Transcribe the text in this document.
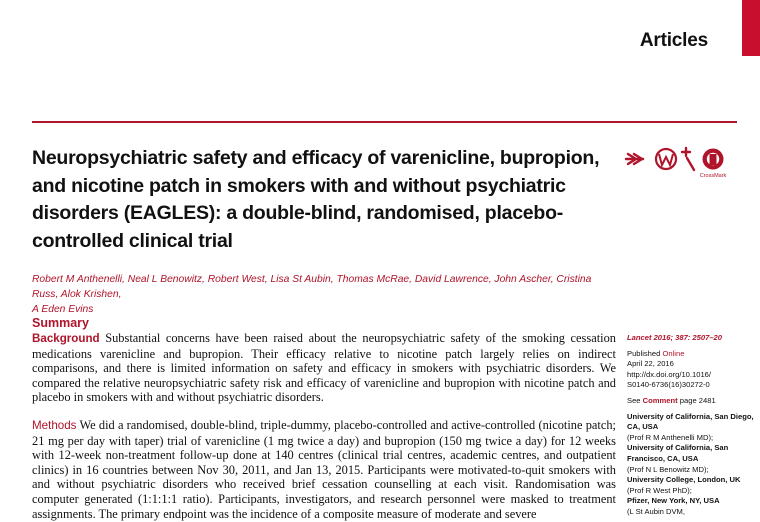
Articles
Neuropsychiatric safety and efficacy of varenicline, bupropion, and nicotine patch in smokers with and without psychiatric disorders (EAGLES): a double-blind, randomised, placebo-controlled clinical trial
CrossMark
Robert M Anthenelli, Neal L Benowitz, Robert West, Lisa St Aubin, Thomas McRae, David Lawrence, John Ascher, Cristina Russ, Alok Krishen,
A Eden Evins
Summary
Background Substantial concerns have been raised about the neuropsychiatric safety of the smoking cessation medications varenicline and bupropion. Their efficacy relative to nicotine patch largely relies on indirect comparisons, and there is limited information on safety and efficacy in smokers with psychiatric disorders. We compared the relative neuropsychiatric safety risk and efficacy of varenicline and bupropion with nicotine patch and placebo in smokers with and without psychiatric disorders.
Methods We did a randomised, double-blind, triple-dummy, placebo-controlled and active-controlled (nicotine patch; 21 mg per day with taper) trial of varenicline (1 mg twice a day) and bupropion (150 mg twice a day) for 12 weeks with 12-week non-treatment follow-up done at 140 centres (clinical trial centres, academic centres, and outpatient clinics) in 16 countries between Nov 30, 2011, and Jan 13, 2015. Participants were motivated-to-quit smokers with and without psychiatric disorders who received brief cessation counselling at each visit. Randomisation was computer generated (1:1:1:1 ratio). Participants, investigators, and research personnel were masked to treatment assignments. The primary endpoint was the incidence of a composite measure of moderate and severe
Lancet 2016; 387: 2507–20
Published Online
April 22, 2016
http://dx.doi.org/10.1016/
S0140-6736(16)30272-0
See Comment page 2481
University of California, San Diego, CA, USA
(Prof R M Anthenelli MD);
University of California, San Francisco, CA, USA
(Prof N L Benowitz MD);
University College, London, UK
(Prof R West PhD);
Pfizer, New York, NY, USA
(L St Aubin DVM,
